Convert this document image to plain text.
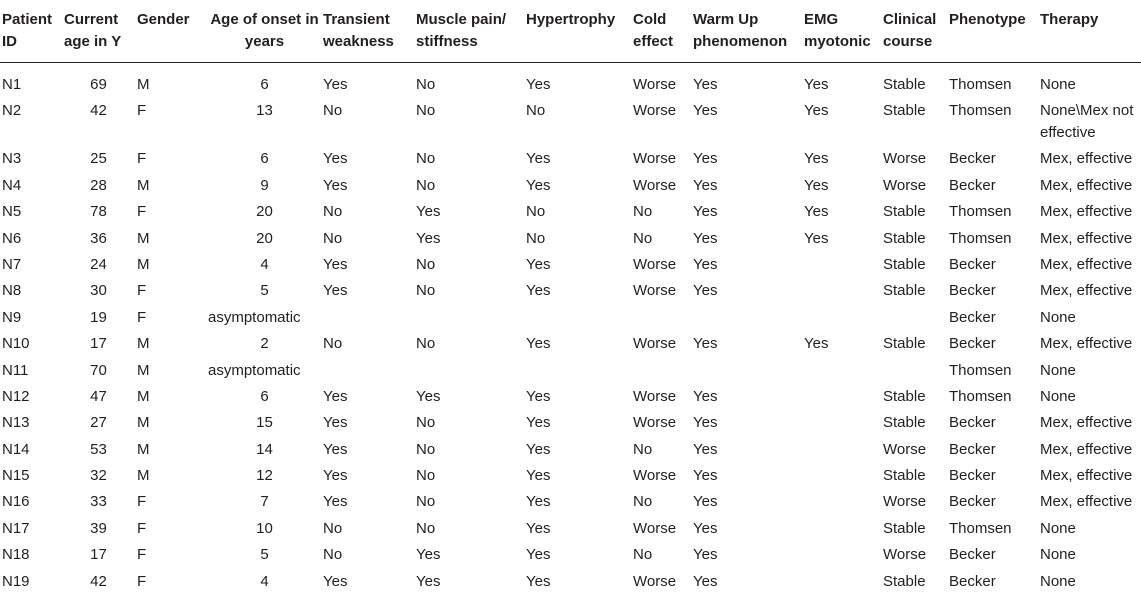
Patient ID	Current age in Y	Gender	Age of onset in years	Transient weakness	Muscle pain/ stiffness	Hypertrophy	Cold effect	Warm Up phenomenon	EMG myotonic	Clinical course	Phenotype	Therapy
N1	69	M	6	Yes	No	Yes	Worse	Yes	Yes	Stable	Thomsen	None
N2	42	F	13	No	No	No	Worse	Yes	Yes	Stable	Thomsen	None\Mex not effective
N3	25	F	6	Yes	No	Yes	Worse	Yes	Yes	Worse	Becker	Mex, effective
N4	28	M	9	Yes	No	Yes	Worse	Yes	Yes	Worse	Becker	Mex, effective
N5	78	F	20	No	Yes	No	No	Yes	Yes	Stable	Thomsen	Mex, effective
N6	36	M	20	No	Yes	No	No	Yes	Yes	Stable	Thomsen	Mex, effective
N7	24	M	4	Yes	No	Yes	Worse	Yes		Stable	Becker	Mex, effective
N8	30	F	5	Yes	No	Yes	Worse	Yes		Stable	Becker	Mex, effective
N9	19	F	asymptomatic								Becker	None
N10	17	M	2	No	No	Yes	Worse	Yes	Yes	Stable	Becker	Mex, effective
N11	70	M	asymptomatic								Thomsen	None
N12	47	M	6	Yes	Yes	Yes	Worse	Yes		Stable	Thomsen	None
N13	27	M	15	Yes	No	Yes	Worse	Yes		Stable	Becker	Mex, effective
N14	53	M	14	Yes	No	Yes	No	Yes		Worse	Becker	Mex, effective
N15	32	M	12	Yes	No	Yes	Worse	Yes		Stable	Becker	Mex, effective
N16	33	F	7	Yes	No	Yes	No	Yes		Worse	Becker	Mex, effective
N17	39	F	10	No	No	Yes	Worse	Yes		Stable	Thomsen	None
N18	17	F	5	No	Yes	Yes	No	Yes		Worse	Becker	None
N19	42	F	4	Yes	Yes	Yes	Worse	Yes		Stable	Becker	None
